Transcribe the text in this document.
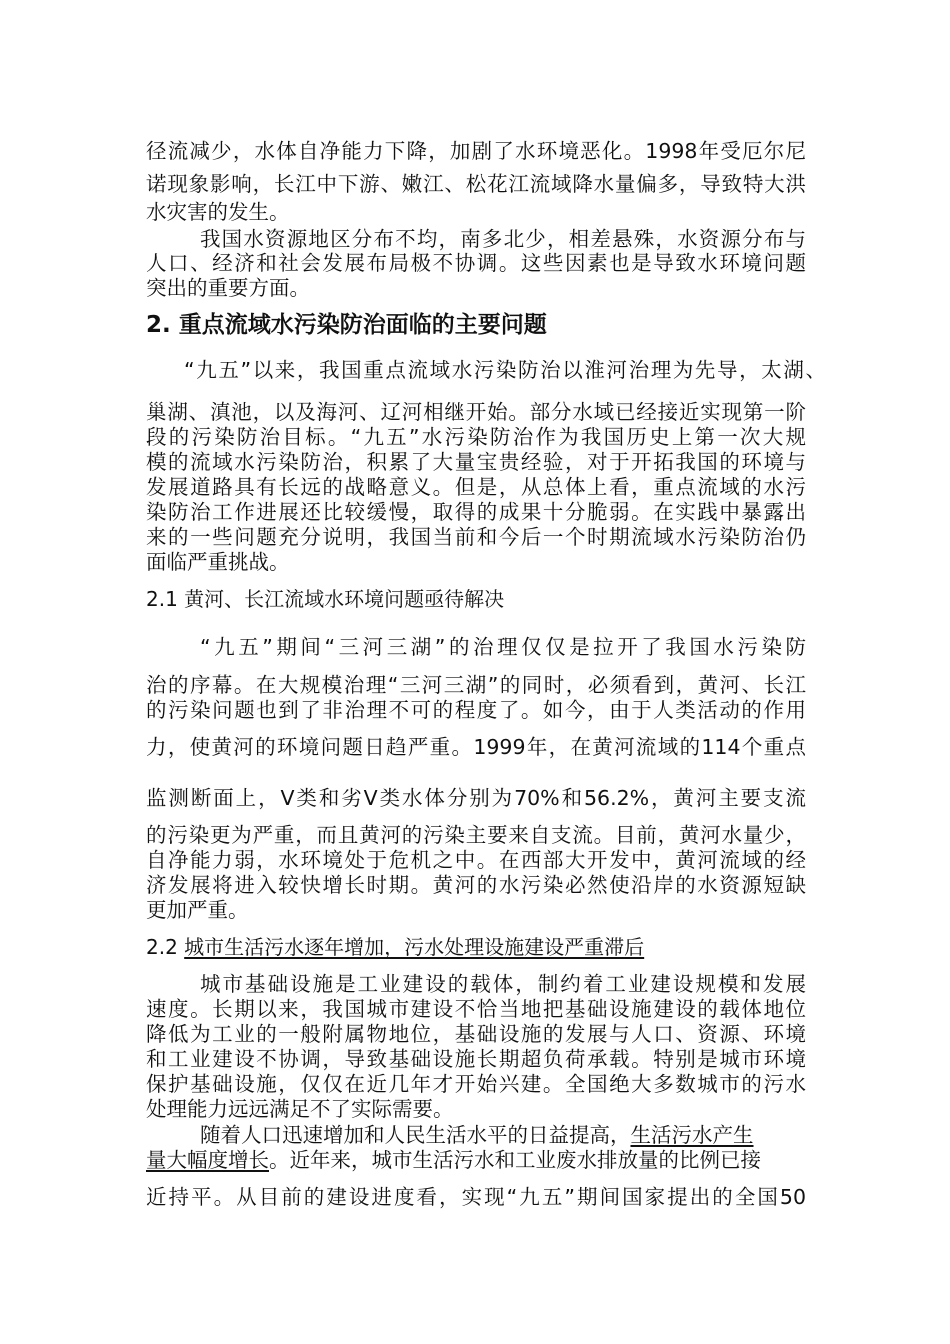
径流减少，水体自净能力下降，加剧了水环境恶化。1998年受厄尔尼
诺现象影响，长江中下游、嫩江、松花江流域降水量偏多，导致特大洪
水灾害的发生。
我国水资源地区分布不均，南多北少，相差悬殊，水资源分布与
人口、经济和社会发展布局极不协调。这些因素也是导致水环境问题
突出的重要方面。
2. 重点流域水污染防治面临的主要问题
“九五”以来，我国重点流域水污染防治以淮河治理为先导，太湖、
巢湖、滇池，以及海河、辽河相继开始。部分水域已经接近实现第一阶
段的污染防治目标。“九五”水污染防治作为我国历史上第一次大规
模的流域水污染防治，积累了大量宝贵经验，对于开拓我国的环境与
发展道路具有长远的战略意义。但是，从总体上看，重点流域的水污
染防治工作进展还比较缓慢，取得的成果十分脆弱。在实践中暴露出
来的一些问题充分说明，我国当前和今后一个时期流域水污染防治仍
面临严重挑战。
2.1 黄河、长江流域水环境问题亟待解决
“九五”期间“三河三湖”的治理仅仅是拉开了我国水污染防
治的序幕。在大规模治理“三河三湖”的同时，必须看到，黄河、长江
的污染问题也到了非治理不可的程度了。如今，由于人类活动的作用
力，使黄河的环境问题日趋严重。1999年，在黄河流域的114个重点
监测断面上，V类和劣V类水体分别为70%和56.2%，黄河主要支流
的污染更为严重，而且黄河的污染主要来自支流。目前，黄河水量少，
自净能力弱，水环境处于危机之中。在西部大开发中，黄河流域的经
济发展将进入较快增长时期。黄河的水污染必然使沿岸的水资源短缺
更加严重。
2.2 城市生活污水逐年增加，污水处理设施建设严重滞后
城市基础设施是工业建设的载体，制约着工业建设规模和发展
速度。长期以来，我国城市建设不恰当地把基础设施建设的载体地位
降低为工业的一般附属物地位，基础设施的发展与人口、资源、环境
和工业建设不协调，导致基础设施长期超负荷承载。特别是城市环境
保护基础设施，仅仅在近几年才开始兴建。全国绝大多数城市的污水
处理能力远远满足不了实际需要。
随着人口迅速增加和人民生活水平的日益提高，生活污水产生
量大幅度增长。近年来，城市生活污水和工业废水排放量的比例已接
近持平。从目前的建设进度看，实现“九五”期间国家提出的全国50
